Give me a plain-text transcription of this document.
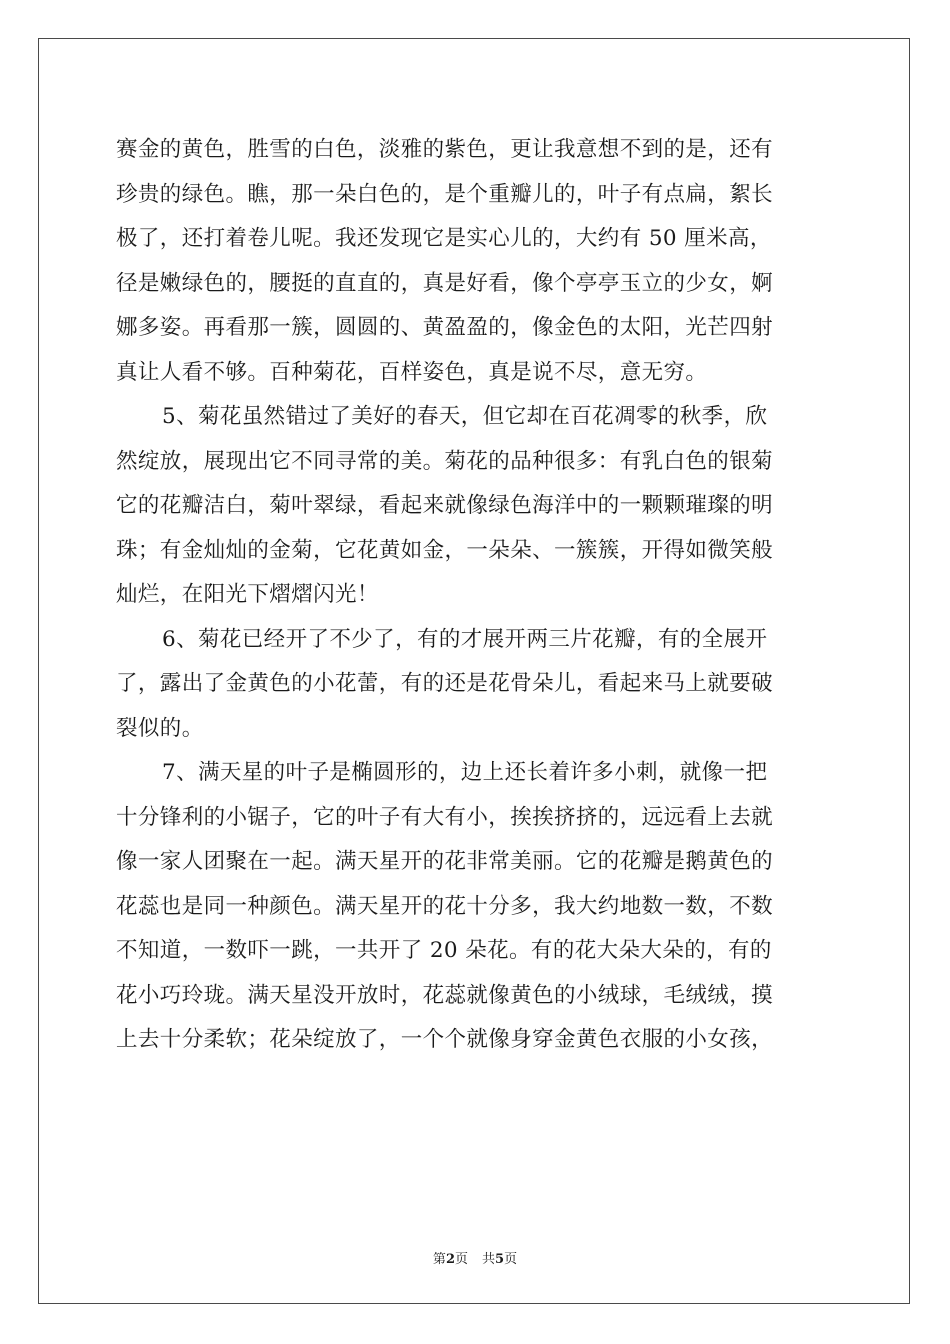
赛金的黄色，胜雪的白色，淡雅的紫色，更让我意想不到的是，还有
珍贵的绿色。瞧，那一朵白色的，是个重瓣儿的，叶子有点扁，絮长
极了，还打着卷儿呢。我还发现它是实心儿的，大约有 50 厘米高，
径是嫩绿色的，腰挺的直直的，真是好看，像个亭亭玉立的少女，婀
娜多姿。再看那一簇，圆圆的、黄盈盈的，像金色的太阳，光芒四射
真让人看不够。百种菊花，百样姿色，真是说不尽，意无穷。
5、菊花虽然错过了美好的春天，但它却在百花凋零的秋季，欣
然绽放，展现出它不同寻常的美。菊花的品种很多：有乳白色的银菊
它的花瓣洁白，菊叶翠绿，看起来就像绿色海洋中的一颗颗璀璨的明
珠；有金灿灿的金菊，它花黄如金，一朵朵、一簇簇，开得如微笑般
灿烂，在阳光下熠熠闪光！
6、菊花已经开了不少了，有的才展开两三片花瓣，有的全展开
了，露出了金黄色的小花蕾，有的还是花骨朵儿，看起来马上就要破
裂似的。
7、满天星的叶子是椭圆形的，边上还长着许多小刺，就像一把
十分锋利的小锯子，它的叶子有大有小，挨挨挤挤的，远远看上去就
像一家人团聚在一起。满天星开的花非常美丽。它的花瓣是鹅黄色的
花蕊也是同一种颜色。满天星开的花十分多，我大约地数一数，不数
不知道，一数吓一跳，一共开了 20 朵花。有的花大朵大朵的，有的
花小巧玲珑。满天星没开放时，花蕊就像黄色的小绒球，毛绒绒，摸
上去十分柔软；花朵绽放了，一个个就像身穿金黄色衣服的小女孩，
第2页 共5页
